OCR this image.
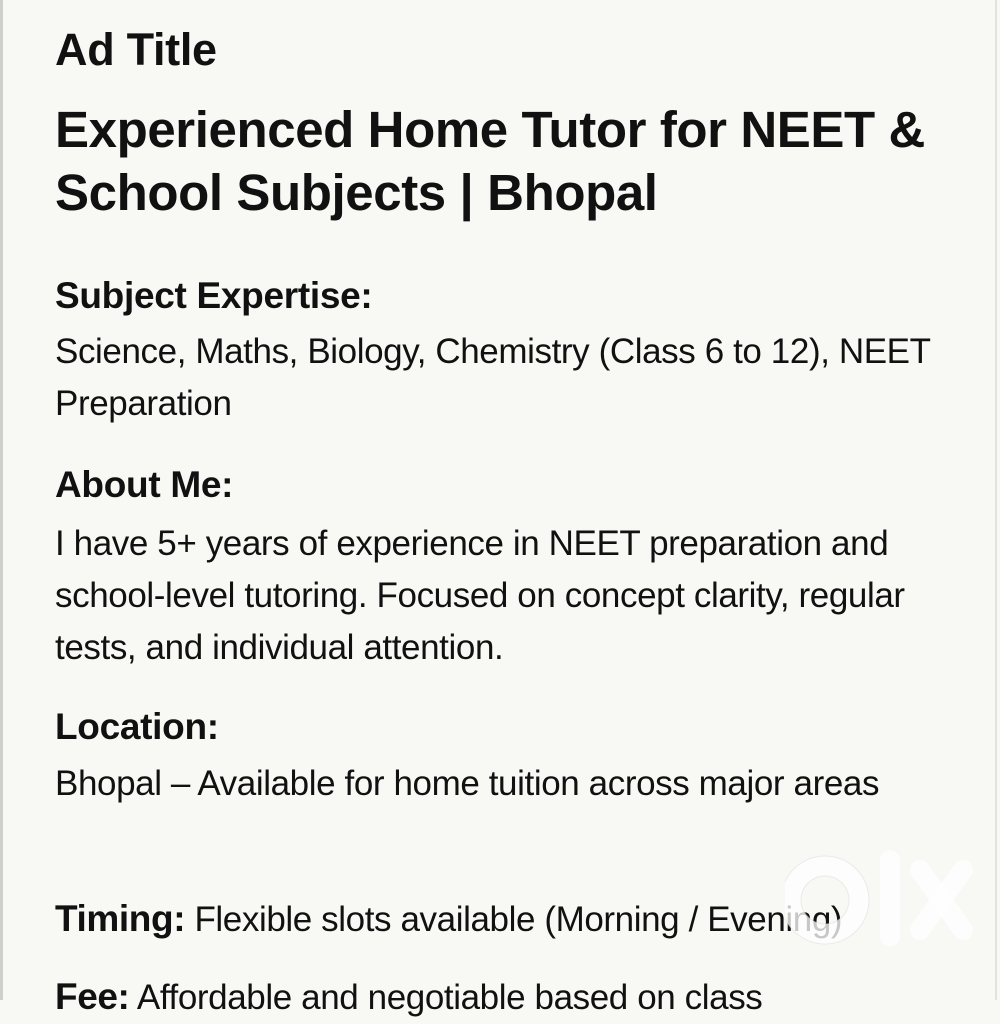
Ad Title
Experienced Home Tutor for NEET & School Subjects | Bhopal
Subject Expertise:
Science, Maths, Biology, Chemistry (Class 6 to 12), NEET Preparation
About Me:
I have 5+ years of experience in NEET preparation and school-level tutoring. Focused on concept clarity, regular tests, and individual attention.
Location:
Bhopal – Available for home tuition across major areas
Timing: Flexible slots available (Morning / Evening)
Fee: Affordable and negotiable based on class
